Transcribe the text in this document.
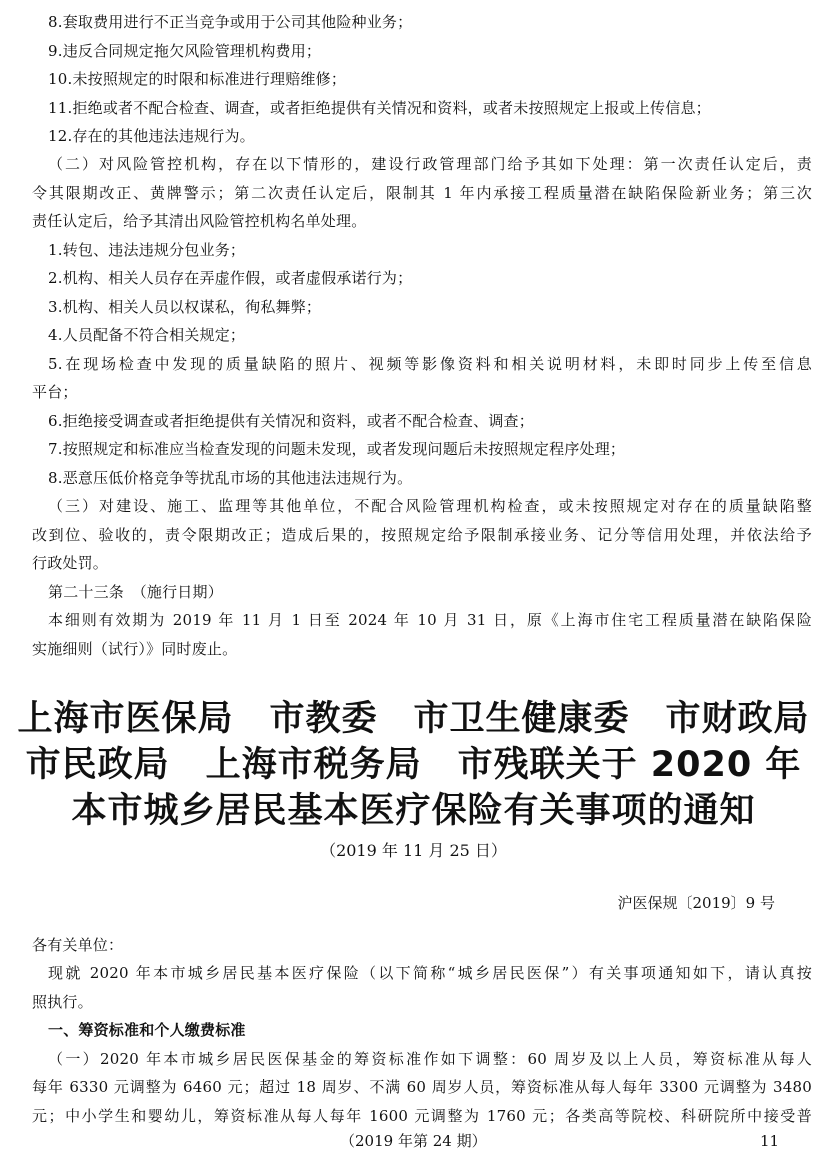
8.套取费用进行不正当竞争或用于公司其他险种业务；
9.违反合同规定拖欠风险管理机构费用；
10.未按照规定的时限和标准进行理赔维修；
11.拒绝或者不配合检查、调查，或者拒绝提供有关情况和资料，或者未按照规定上报或上传信息；
12.存在的其他违法违规行为。
（二）对风险管控机构，存在以下情形的，建设行政管理部门给予其如下处理：第一次责任认定后，责
令其限期改正、黄牌警示；第二次责任认定后，限制其 1 年内承接工程质量潜在缺陷保险新业务；第三次
责任认定后，给予其清出风险管控机构名单处理。
1.转包、违法违规分包业务；
2.机构、相关人员存在弄虚作假，或者虚假承诺行为；
3.机构、相关人员以权谋私，徇私舞弊；
4.人员配备不符合相关规定；
5.在现场检查中发现的质量缺陷的照片、视频等影像资料和相关说明材料，未即时同步上传至信息
平台；
6.拒绝接受调查或者拒绝提供有关情况和资料，或者不配合检查、调查；
7.按照规定和标准应当检查发现的问题未发现，或者发现问题后未按照规定程序处理；
8.恶意压低价格竞争等扰乱市场的其他违法违规行为。
（三）对建设、施工、监理等其他单位，不配合风险管理机构检查，或未按照规定对存在的质量缺陷整
改到位、验收的，责令限期改正；造成后果的，按照规定给予限制承接业务、记分等信用处理，并依法给予
行政处罚。
第二十三条　（施行日期）
本细则有效期为 2019 年 11 月 1 日至 2024 年 10 月 31 日，原《上海市住宅工程质量潜在缺陷保险
实施细则（试行）》同时废止。
上海市医保局　市教委　市卫生健康委　市财政局
市民政局　上海市税务局　市残联关于 2020 年
本市城乡居民基本医疗保险有关事项的通知
（2019 年 11 月 25 日）
沪医保规〔2019〕9 号
各有关单位：
现就 2020 年本市城乡居民基本医疗保险（以下简称“城乡居民医保”）有关事项通知如下，请认真按
照执行。
一、筹资标准和个人缴费标准
（一）2020 年本市城乡居民医保基金的筹资标准作如下调整：60 周岁及以上人员，筹资标准从每人
每年 6330 元调整为 6460 元；超过 18 周岁、不满 60 周岁人员，筹资标准从每人每年 3300 元调整为 3480
元；中小学生和婴幼儿，筹资标准从每人每年 1600 元调整为 1760 元；各类高等院校、科研院所中接受普
（2019 年第 24 期）	11
